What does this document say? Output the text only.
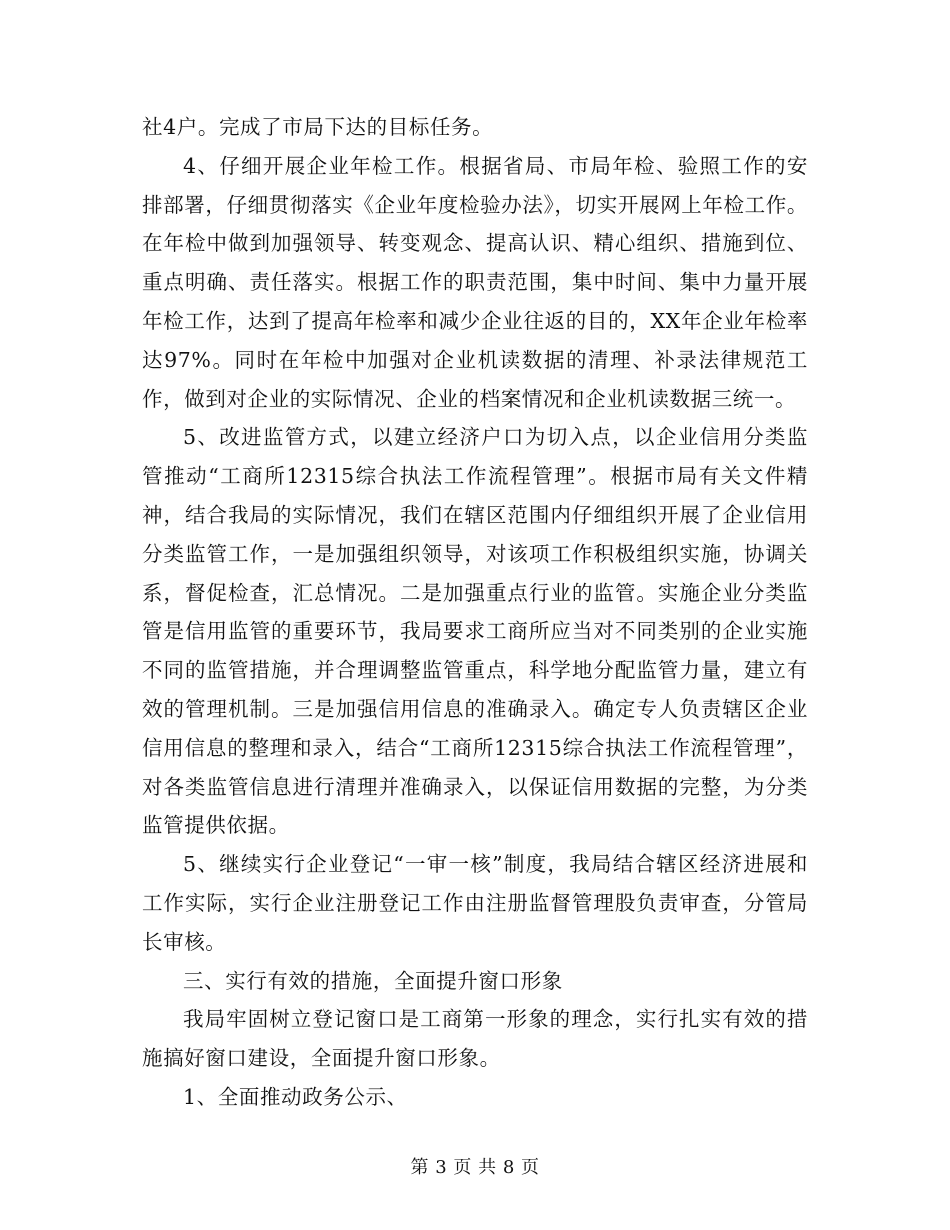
社4户。完成了市局下达的目标任务。

4、仔细开展企业年检工作。根据省局、市局年检、验照工作的安排部署，仔细贯彻落实《企业年度检验办法》，切实开展网上年检工作。在年检中做到加强领导、转变观念、提高认识、精心组织、措施到位、重点明确、责任落实。根据工作的职责范围，集中时间、集中力量开展年检工作，达到了提高年检率和减少企业往返的目的，XX年企业年检率达97%。同时在年检中加强对企业机读数据的清理、补录法律规范工作，做到对企业的实际情况、企业的档案情况和企业机读数据三统一。

5、改进监管方式，以建立经济户口为切入点，以企业信用分类监管推动“工商所12315综合执法工作流程管理”。根据市局有关文件精神，结合我局的实际情况，我们在辖区范围内仔细组织开展了企业信用分类监管工作，一是加强组织领导，对该项工作积极组织实施，协调关系，督促检查，汇总情况。二是加强重点行业的监管。实施企业分类监管是信用监管的重要环节，我局要求工商所应当对不同类别的企业实施不同的监管措施，并合理调整监管重点，科学地分配监管力量，建立有效的管理机制。三是加强信用信息的准确录入。确定专人负责辖区企业信用信息的整理和录入，结合“工商所12315综合执法工作流程管理”，对各类监管信息进行清理并准确录入，以保证信用数据的完整，为分类监管提供依据。

5、继续实行企业登记“一审一核”制度，我局结合辖区经济进展和工作实际，实行企业注册登记工作由注册监督管理股负责审查，分管局长审核。

三、实行有效的措施，全面提升窗口形象

我局牢固树立登记窗口是工商第一形象的理念，实行扎实有效的措施搞好窗口建设，全面提升窗口形象。

1、全面推动政务公示、

第 3 页 共 8 页
